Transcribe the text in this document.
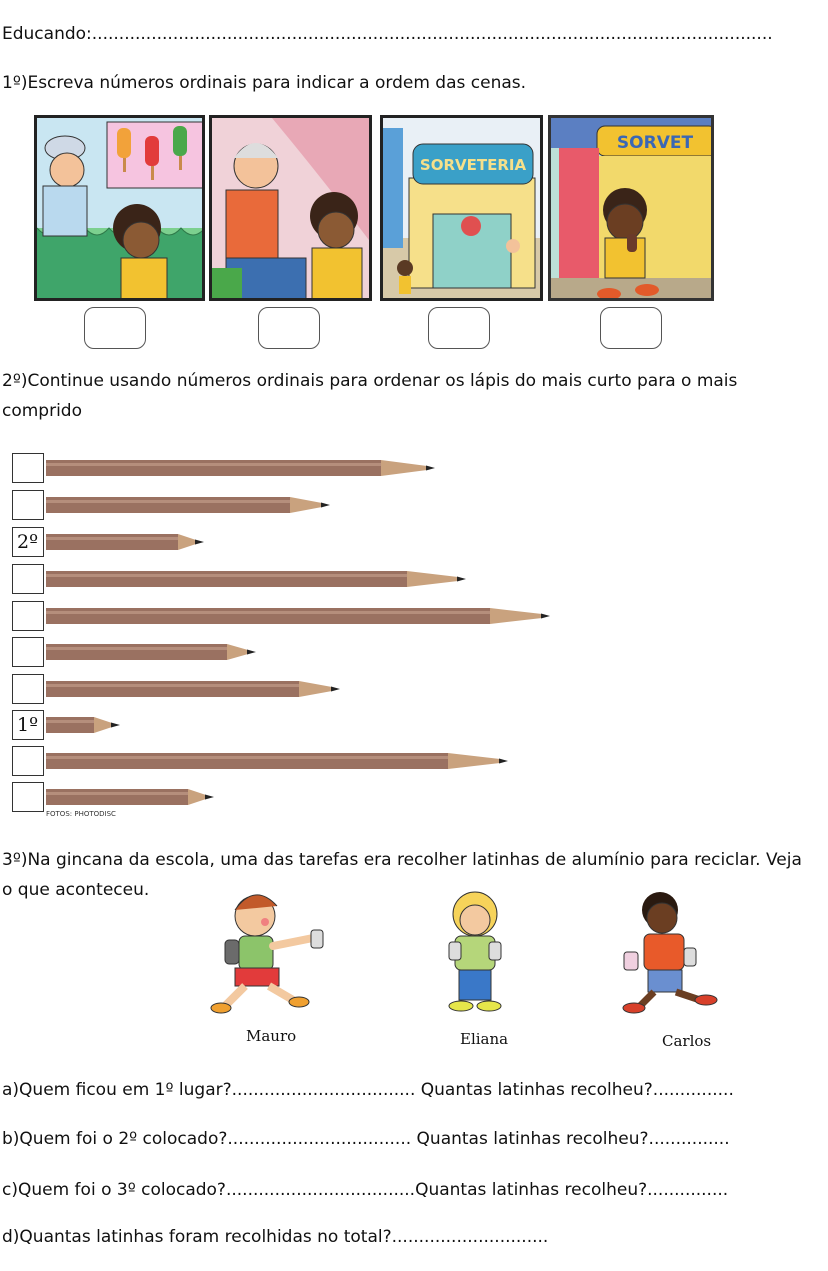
Educando:..............................................................................................................................
1º)Escreva números ordinais para indicar a ordem das cenas.
SORVETERIA
SORVET
2º)Continue usando números ordinais para ordenar os lápis do mais curto para o mais
comprido
2º
1º
FOTOS: PHOTODISC
3º)Na gincana da escola, uma das tarefas era recolher latinhas de alumínio para reciclar. Veja
o que aconteceu.
Mauro	Eliana	Carlos
a)Quem ficou em 1º lugar?.................................. Quantas latinhas recolheu?...............
b)Quem foi o 2º colocado?.................................. Quantas latinhas recolheu?...............
c)Quem foi o 3º colocado?...................................Quantas latinhas recolheu?...............
d)Quantas latinhas foram recolhidas no total?.............................
